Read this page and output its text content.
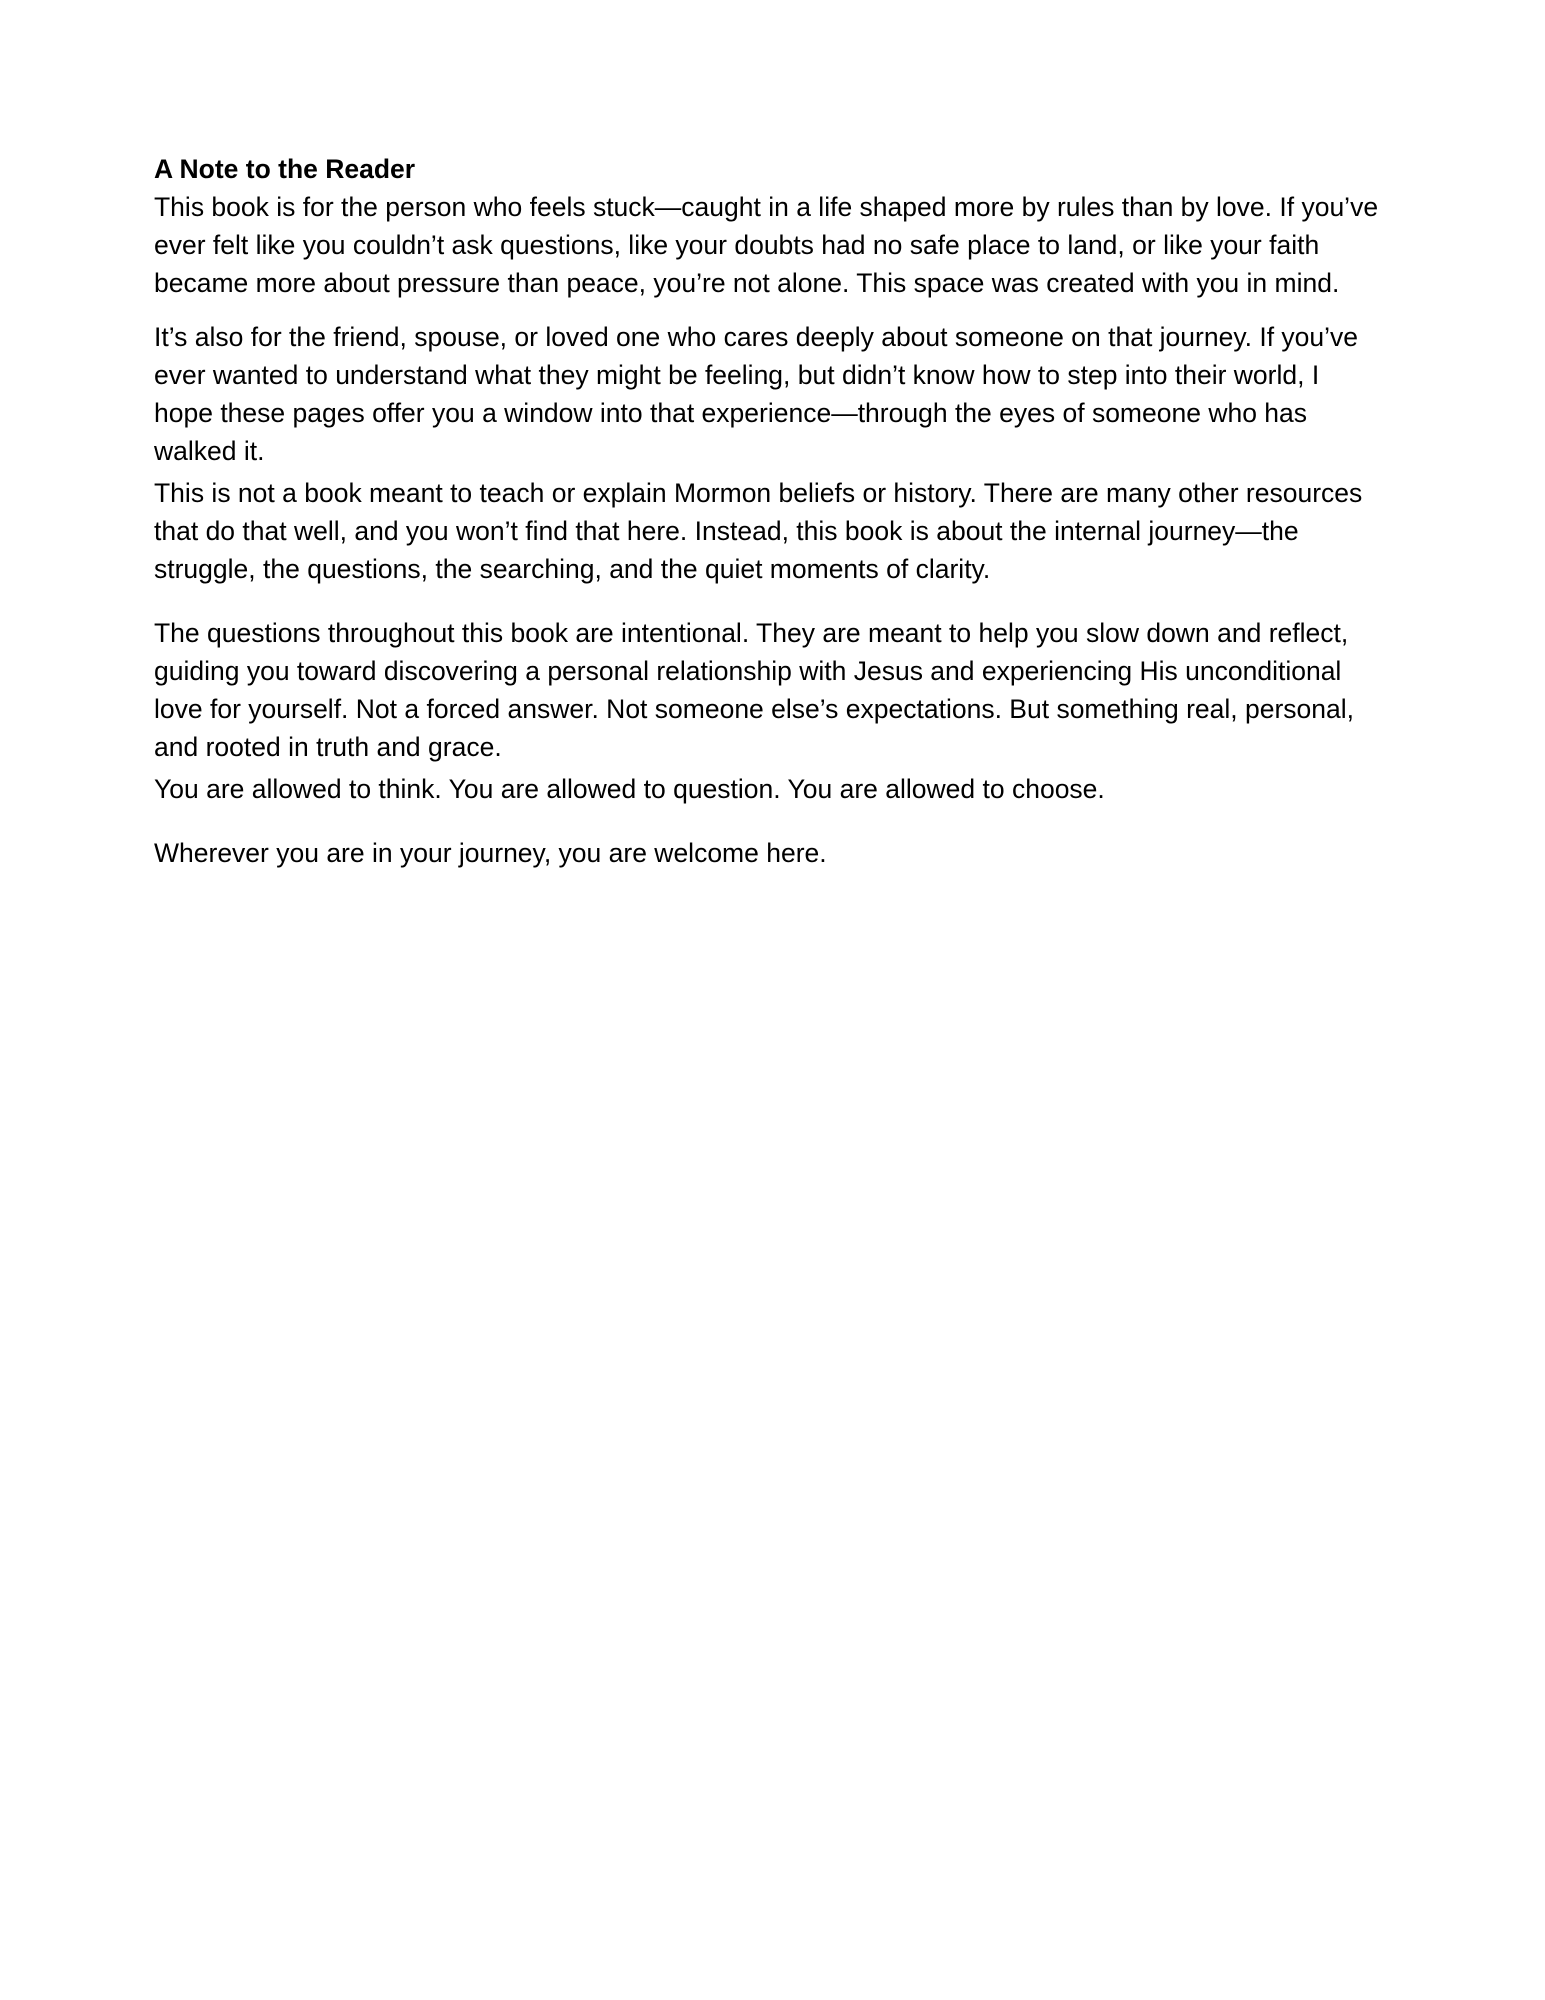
A Note to the Reader

This book is for the person who feels stuck—caught in a life shaped more by rules than by love. If you’ve ever felt like you couldn’t ask questions, like your doubts had no safe place to land, or like your faith became more about pressure than peace, you’re not alone. This space was created with you in mind.

It’s also for the friend, spouse, or loved one who cares deeply about someone on that journey. If you’ve ever wanted to understand what they might be feeling, but didn’t know how to step into their world, I hope these pages offer you a window into that experience—through the eyes of someone who has walked it.

This is not a book meant to teach or explain Mormon beliefs or history. There are many other resources that do that well, and you won’t find that here. Instead, this book is about the internal journey—the struggle, the questions, the searching, and the quiet moments of clarity.

The questions throughout this book are intentional. They are meant to help you slow down and reflect, guiding you toward discovering a personal relationship with Jesus and experiencing His unconditional love for yourself. Not a forced answer. Not someone else’s expectations. But something real, personal, and rooted in truth and grace.

You are allowed to think. You are allowed to question. You are allowed to choose.

Wherever you are in your journey, you are welcome here.
